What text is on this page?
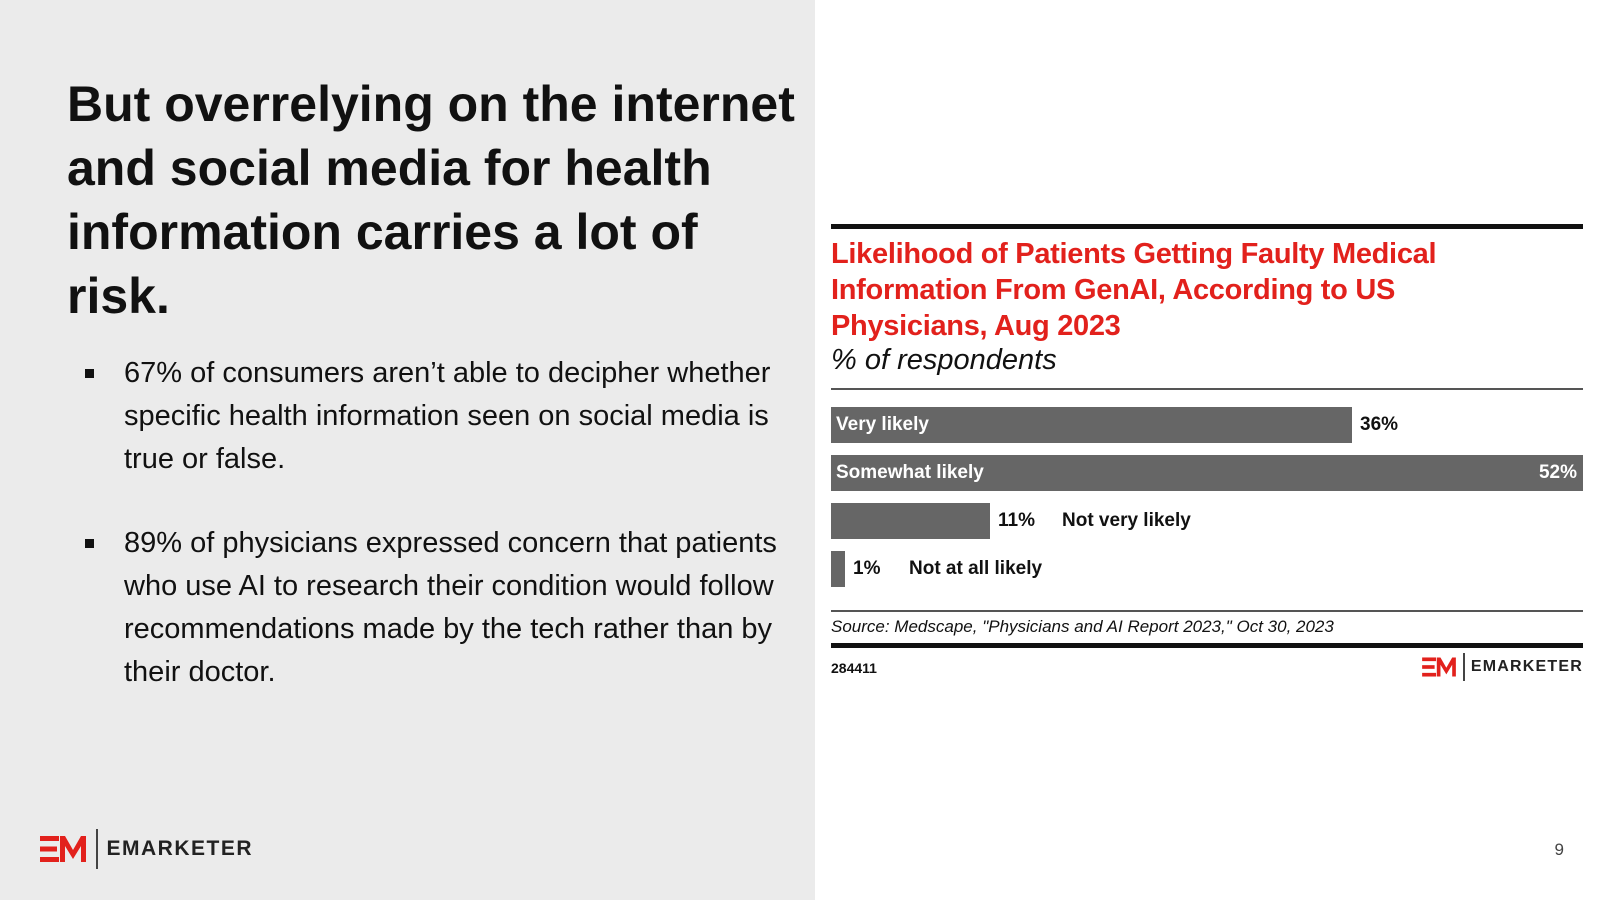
But overrelying on the internet and social media for health information carries a lot of risk.
67% of consumers aren’t able to decipher whether specific health information seen on social media is true or false.
89% of physicians expressed concern that patients who use AI to research their condition would follow recommendations made by the tech rather than by their doctor.
EMARKETER	9
Likelihood of Patients Getting Faulty Medical Information From GenAI, According to US Physicians, Aug 2023
% of respondents
36%
Very likely
52%
Somewhat likely
11% Not very likely
1% Not at all likely
Source: Medscape, "Physicians and AI Report 2023," Oct 30, 2023
284411	EMARKETER
